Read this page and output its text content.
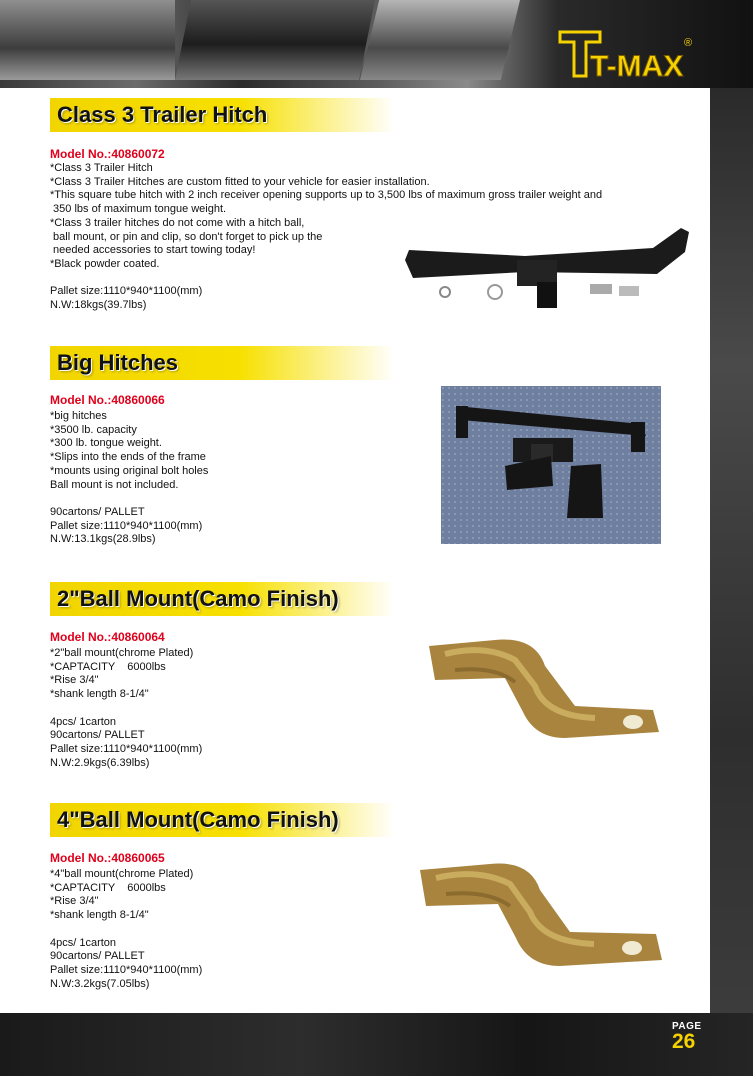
T-MAX
®
Class 3 Trailer Hitch
Model No.:40860072
*Class 3 Trailer Hitch
*Class 3 Trailer Hitches are custom fitted to your vehicle for easier installation.
*This square tube hitch with 2 inch receiver opening supports up to 3,500 lbs of maximum gross trailer weight and
350 lbs of maximum tongue weight.
*Class 3 trailer hitches do not come with a hitch ball,
ball mount, or pin and clip, so don't forget to pick up the
needed accessories to start towing today!
*Black powder coated.
Pallet size:1110*940*1100(mm)
N.W:18kgs(39.7lbs)
Big Hitches
Model No.:40860066
*big hitches
*3500 lb. capacity
*300 lb. tongue weight.
*Slips into the ends of the frame
*mounts using original bolt holes
Ball mount is not included.
90cartons/ PALLET
Pallet size:1110*940*1100(mm)
N.W:13.1kgs(28.9lbs)
2"Ball Mount(Camo Finish)
Model No.:40860064
*2"ball mount(chrome Plated)
*CAPTACITY    6000lbs
*Rise 3/4"
*shank length 8-1/4"
4pcs/ 1carton
90cartons/ PALLET
Pallet size:1110*940*1100(mm)
N.W:2.9kgs(6.39lbs)
4"Ball Mount(Camo Finish)
Model No.:40860065
*4"ball mount(chrome Plated)
*CAPTACITY    6000lbs
*Rise 3/4"
*shank length 8-1/4"
4pcs/ 1carton
90cartons/ PALLET
Pallet size:1110*940*1100(mm)
N.W:3.2kgs(7.05lbs)
PAGE
26
